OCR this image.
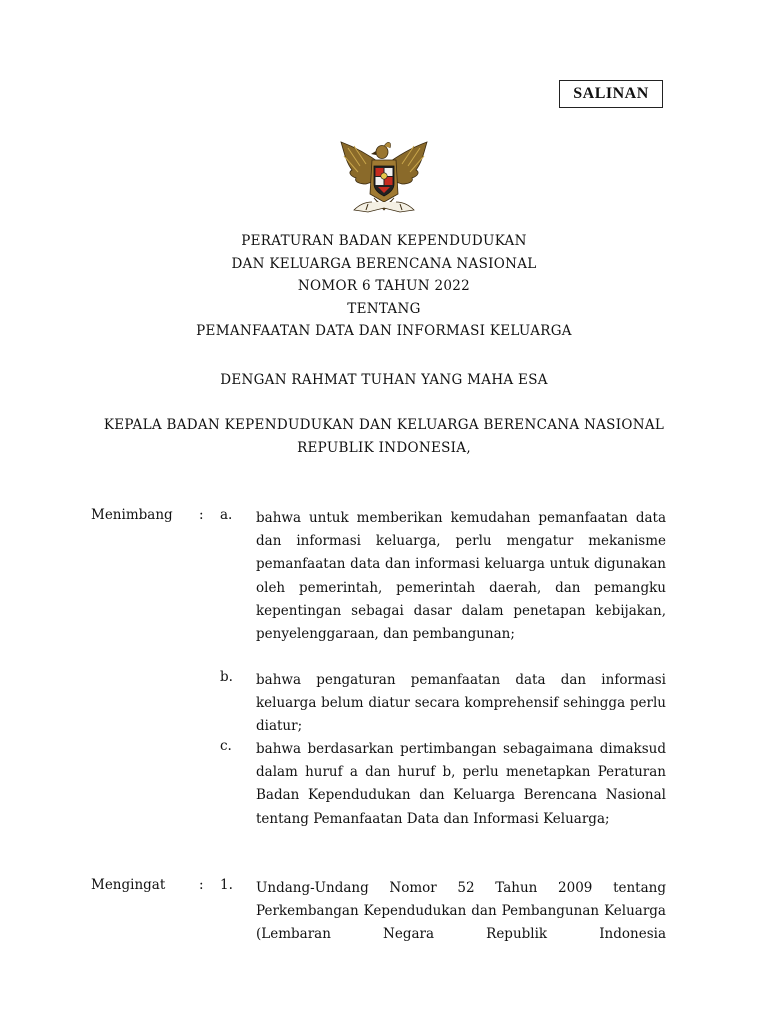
SALINAN
PERATURAN BADAN KEPENDUDUKAN
DAN KELUARGA BERENCANA NASIONAL
NOMOR 6 TAHUN 2022
TENTANG
PEMANFAATAN DATA DAN INFORMASI KELUARGA
DENGAN RAHMAT TUHAN YANG MAHA ESA
KEPALA BADAN KEPENDUDUKAN DAN KELUARGA BERENCANA NASIONAL
REPUBLIK INDONESIA,
Menimbang : a. bahwa untuk memberikan kemudahan pemanfaatan data dan informasi keluarga, perlu mengatur mekanisme pemanfaatan data dan informasi keluarga untuk digunakan oleh pemerintah, pemerintah daerah, dan pemangku kepentingan sebagai dasar dalam penetapan kebijakan, penyelenggaraan, dan pembangunan;

b. bahwa pengaturan pemanfaatan data dan informasi keluarga belum diatur secara komprehensif sehingga perlu diatur;

c. bahwa berdasarkan pertimbangan sebagaimana dimaksud dalam huruf a dan huruf b, perlu menetapkan Peraturan Badan Kependudukan dan Keluarga Berencana Nasional tentang Pemanfaatan Data dan Informasi Keluarga;

Mengingat : 1. Undang-Undang Nomor 52 Tahun 2009 tentang Perkembangan Kependudukan dan Pembangunan Keluarga (Lembaran Negara Republik Indonesia
